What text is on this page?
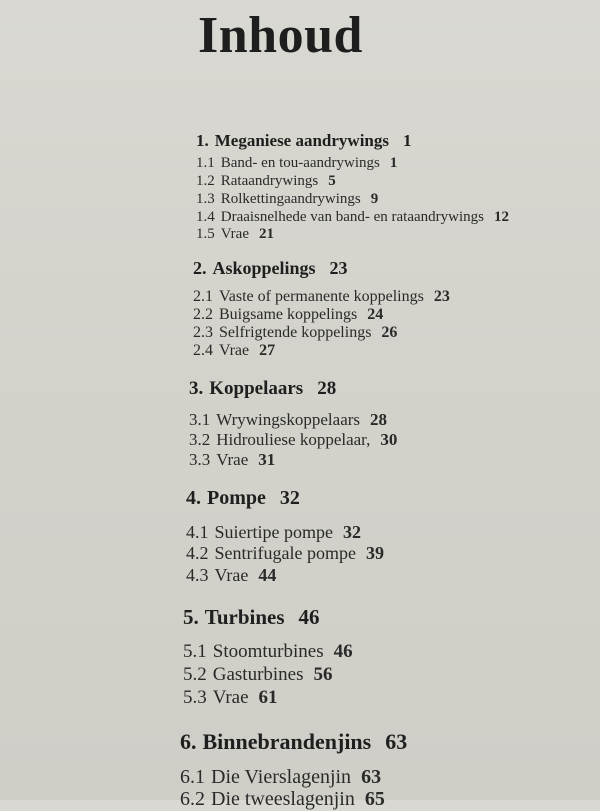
Inhoud
1. Meganiese aandrywings 1
1.1 Band- en tou-aandrywings 1
1.2 Rataandrywings 5
1.3 Rolkettingaandrywings 9
1.4 Draaisnelhede van band- en rataandrywings 12
1.5 Vrae 21
2. Askoppelings 23
2.1 Vaste of permanente koppelings 23
2.2 Buigsame koppelings 24
2.3 Selfrigtende koppelings 26
2.4 Vrae 27
3. Koppelaars 28
3.1 Wrywingskoppelaars 28
3.2 Hidrouliese koppelaar, 30
3.3 Vrae 31
4. Pompe 32
4.1 Suiertipe pompe 32
4.2 Sentrifugale pompe 39
4.3 Vrae 44
5. Turbines 46
5.1 Stoomturbines 46
5.2 Gasturbines 56
5.3 Vrae 61
6. Binnebrandenjins 63
6.1 Die Vierslagenjin 63
6.2 Die tweeslagenjin 65
